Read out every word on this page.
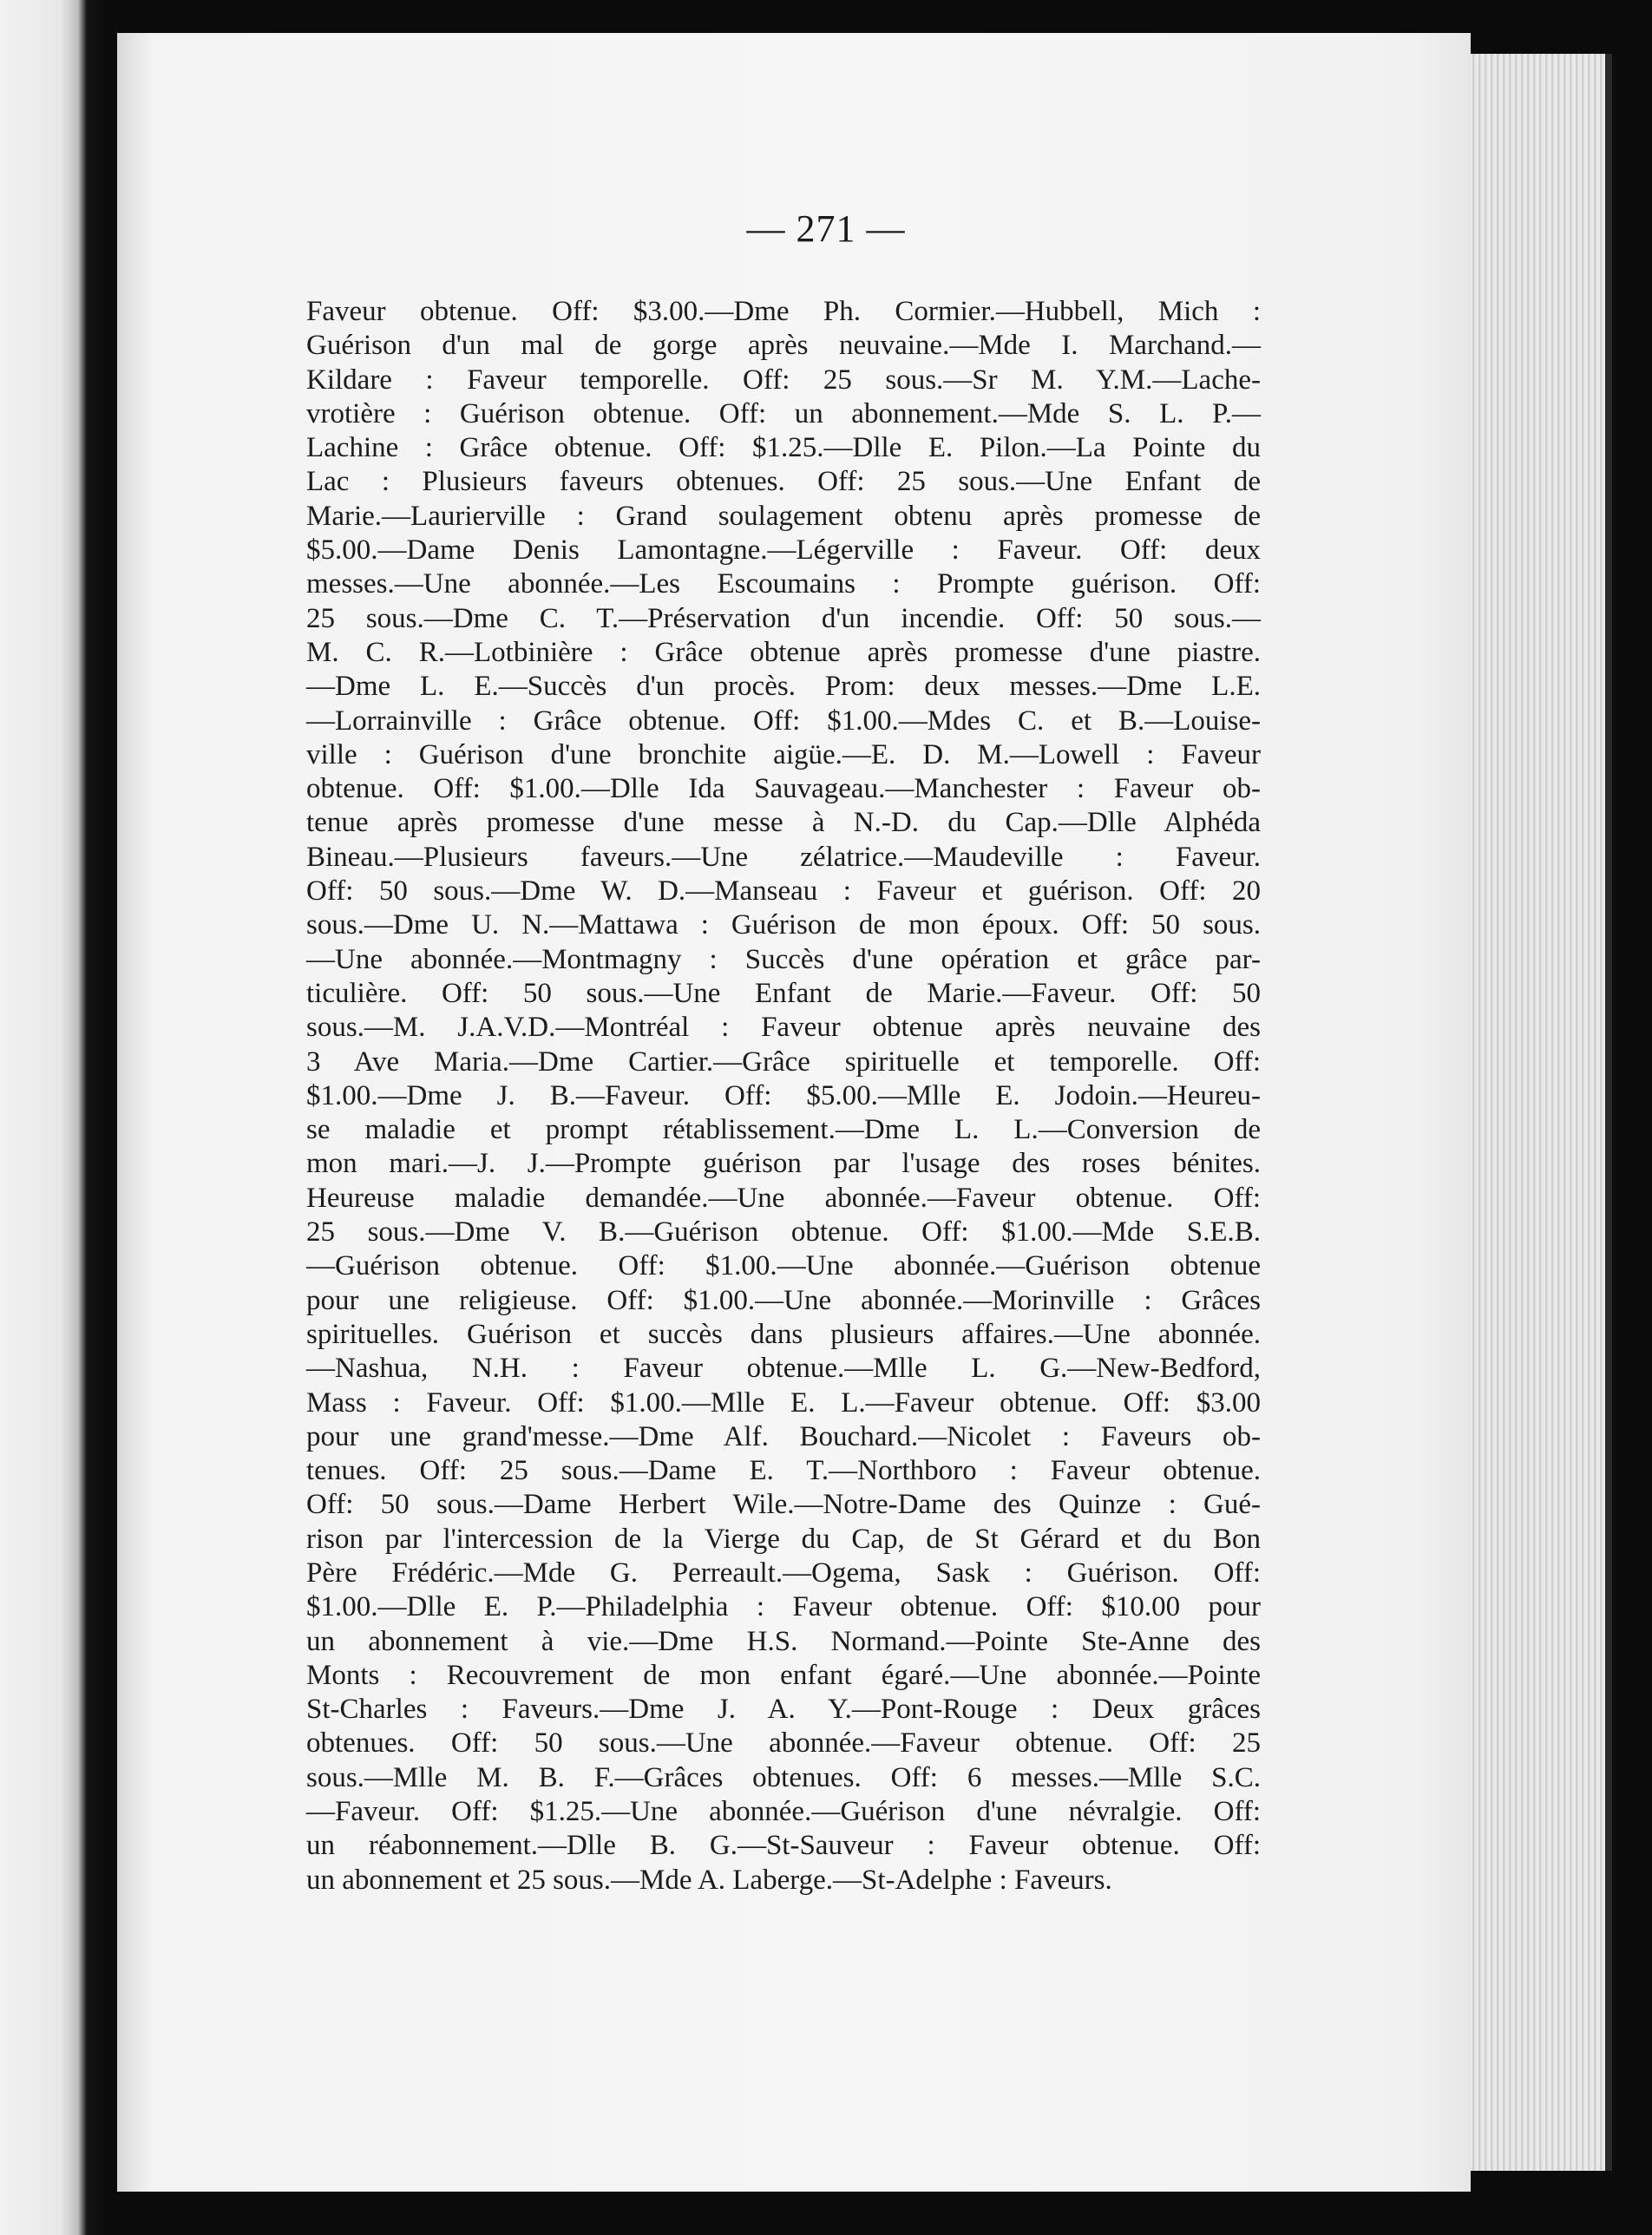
— 271 —
Faveur obtenue. Off: $3.00.—Dme Ph. Cormier.—Hubbell, Mich :
Guérison d'un mal de gorge après neuvaine.—Mde I. Marchand.—
Kildare : Faveur temporelle. Off: 25 sous.—Sr M. Y.M.—Lache-
vrotière : Guérison obtenue. Off: un abonnement.—Mde S. L. P.—
Lachine : Grâce obtenue. Off: $1.25.—Dlle E. Pilon.—La Pointe du
Lac : Plusieurs faveurs obtenues. Off: 25 sous.—Une Enfant de
Marie.—Laurierville : Grand soulagement obtenu après promesse de
$5.00.—Dame Denis Lamontagne.—Légerville : Faveur. Off: deux
messes.—Une abonnée.—Les Escoumains : Prompte guérison. Off:
25 sous.—Dme C. T.—Préservation d'un incendie. Off: 50 sous.—
M. C. R.—Lotbinière : Grâce obtenue après promesse d'une piastre.
—Dme L. E.—Succès d'un procès. Prom: deux messes.—Dme L.E.
—Lorrainville : Grâce obtenue. Off: $1.00.—Mdes C. et B.—Louise-
ville : Guérison d'une bronchite aigüe.—E. D. M.—Lowell : Faveur
obtenue. Off: $1.00.—Dlle Ida Sauvageau.—Manchester : Faveur ob-
tenue après promesse d'une messe à N.-D. du Cap.—Dlle Alphéda
Bineau.—Plusieurs faveurs.—Une zélatrice.—Maudeville : Faveur.
Off: 50 sous.—Dme W. D.—Manseau : Faveur et guérison. Off: 20
sous.—Dme U. N.—Mattawa : Guérison de mon époux. Off: 50 sous.
—Une abonnée.—Montmagny : Succès d'une opération et grâce par-
ticulière. Off: 50 sous.—Une Enfant de Marie.—Faveur. Off: 50
sous.—M. J.A.V.D.—Montréal : Faveur obtenue après neuvaine des
3 Ave Maria.—Dme Cartier.—Grâce spirituelle et temporelle. Off:
$1.00.—Dme J. B.—Faveur. Off: $5.00.—Mlle E. Jodoin.—Heureu-
se maladie et prompt rétablissement.—Dme L. L.—Conversion de
mon mari.—J. J.—Prompte guérison par l'usage des roses bénites.
Heureuse maladie demandée.—Une abonnée.—Faveur obtenue. Off:
25 sous.—Dme V. B.—Guérison obtenue. Off: $1.00.—Mde S.E.B.
—Guérison obtenue. Off: $1.00.—Une abonnée.—Guérison obtenue
pour une religieuse. Off: $1.00.—Une abonnée.—Morinville : Grâces
spirituelles. Guérison et succès dans plusieurs affaires.—Une abonnée.
—Nashua, N.H. : Faveur obtenue.—Mlle L. G.—New-Bedford,
Mass : Faveur. Off: $1.00.—Mlle E. L.—Faveur obtenue. Off: $3.00
pour une grand'messe.—Dme Alf. Bouchard.—Nicolet : Faveurs ob-
tenues. Off: 25 sous.—Dame E. T.—Northboro : Faveur obtenue.
Off: 50 sous.—Dame Herbert Wile.—Notre-Dame des Quinze : Gué-
rison par l'intercession de la Vierge du Cap, de St Gérard et du Bon
Père Frédéric.—Mde G. Perreault.—Ogema, Sask : Guérison. Off:
$1.00.—Dlle E. P.—Philadelphia : Faveur obtenue. Off: $10.00 pour
un abonnement à vie.—Dme H.S. Normand.—Pointe Ste-Anne des
Monts : Recouvrement de mon enfant égaré.—Une abonnée.—Pointe
St-Charles : Faveurs.—Dme J. A. Y.—Pont-Rouge : Deux grâces
obtenues. Off: 50 sous.—Une abonnée.—Faveur obtenue. Off: 25
sous.—Mlle M. B. F.—Grâces obtenues. Off: 6 messes.—Mlle S.C.
—Faveur. Off: $1.25.—Une abonnée.—Guérison d'une névralgie. Off:
un réabonnement.—Dlle B. G.—St-Sauveur : Faveur obtenue. Off:
un abonnement et 25 sous.—Mde A. Laberge.—St-Adelphe : Faveurs.
